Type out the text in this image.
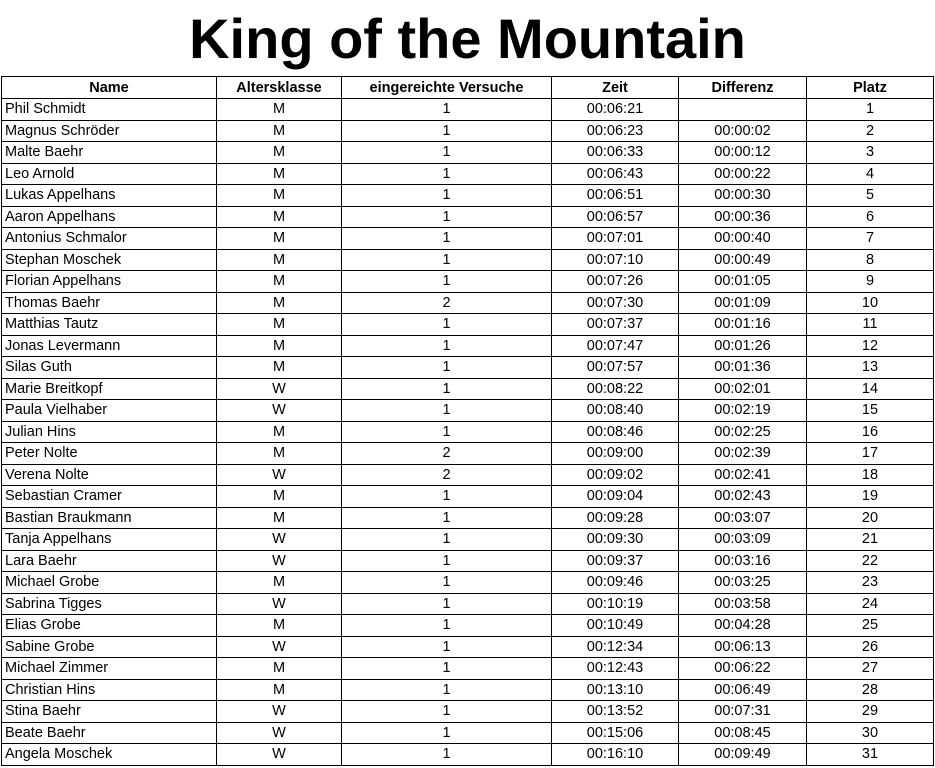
King of the Mountain
Name	Altersklasse	eingereichte Versuche	Zeit	Differenz	Platz
Phil Schmidt	M	1	00:06:21		1
Magnus Schröder	M	1	00:06:23	00:00:02	2
Malte Baehr	M	1	00:06:33	00:00:12	3
Leo Arnold	M	1	00:06:43	00:00:22	4
Lukas Appelhans	M	1	00:06:51	00:00:30	5
Aaron Appelhans	M	1	00:06:57	00:00:36	6
Antonius Schmalor	M	1	00:07:01	00:00:40	7
Stephan Moschek	M	1	00:07:10	00:00:49	8
Florian Appelhans	M	1	00:07:26	00:01:05	9
Thomas Baehr	M	2	00:07:30	00:01:09	10
Matthias Tautz	M	1	00:07:37	00:01:16	11
Jonas Levermann	M	1	00:07:47	00:01:26	12
Silas Guth	M	1	00:07:57	00:01:36	13
Marie Breitkopf	W	1	00:08:22	00:02:01	14
Paula Vielhaber	W	1	00:08:40	00:02:19	15
Julian Hins	M	1	00:08:46	00:02:25	16
Peter Nolte	M	2	00:09:00	00:02:39	17
Verena Nolte	W	2	00:09:02	00:02:41	18
Sebastian Cramer	M	1	00:09:04	00:02:43	19
Bastian Braukmann	M	1	00:09:28	00:03:07	20
Tanja Appelhans	W	1	00:09:30	00:03:09	21
Lara Baehr	W	1	00:09:37	00:03:16	22
Michael Grobe	M	1	00:09:46	00:03:25	23
Sabrina Tigges	W	1	00:10:19	00:03:58	24
Elias Grobe	M	1	00:10:49	00:04:28	25
Sabine Grobe	W	1	00:12:34	00:06:13	26
Michael Zimmer	M	1	00:12:43	00:06:22	27
Christian Hins	M	1	00:13:10	00:06:49	28
Stina Baehr	W	1	00:13:52	00:07:31	29
Beate Baehr	W	1	00:15:06	00:08:45	30
Angela Moschek	W	1	00:16:10	00:09:49	31
